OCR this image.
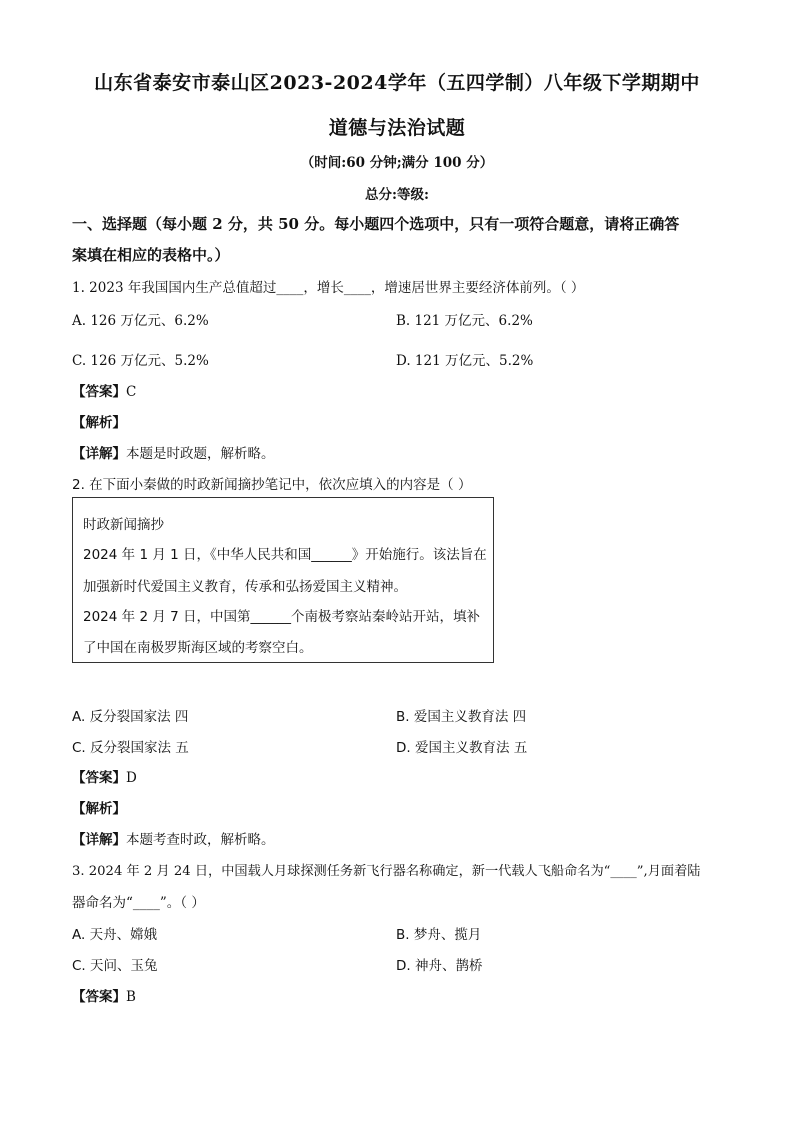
山东省泰安市泰山区2023-2024学年（五四学制）八年级下学期期中
道德与法治试题
（时间:60 分钟;满分 100 分）
总分:等级:
一、选择题（每小题 2 分，共 50 分。每小题四个选项中，只有一项符合题意，请将正确答
案填在相应的表格中。）
1. 2023 年我国国内生产总值超过____，增长____，增速居世界主要经济体前列。（ ）
A. 126 万亿元、6.2%	B. 121 万亿元、6.2%
C. 126 万亿元、5.2%	D. 121 万亿元、5.2%
【答案】C
【解析】
【详解】本题是时政题，解析略。
2. 在下面小秦做的时政新闻摘抄笔记中，依次应填入的内容是（ ）
时政新闻摘抄
2024 年 1 月 1 日，《中华人民共和国______》开始施行。该法旨在
加强新时代爱国主义教育，传承和弘扬爱国主义精神。
2024 年 2 月 7 日，中国第______个南极考察站秦岭站开站，填补
了中国在南极罗斯海区域的考察空白。
A. 反分裂国家法 四	B. 爱国主义教育法 四
C. 反分裂国家法 五	D. 爱国主义教育法 五
【答案】D
【解析】
【详解】本题考查时政，解析略。
3. 2024 年 2 月 24 日，中国载人月球探测任务新飞行器名称确定，新一代载人飞船命名为“____”,月面着陆
器命名为“____”。（ ）
A. 天舟、嫦娥	B. 梦舟、揽月
C. 天问、玉兔	D. 神舟、鹊桥
【答案】B
